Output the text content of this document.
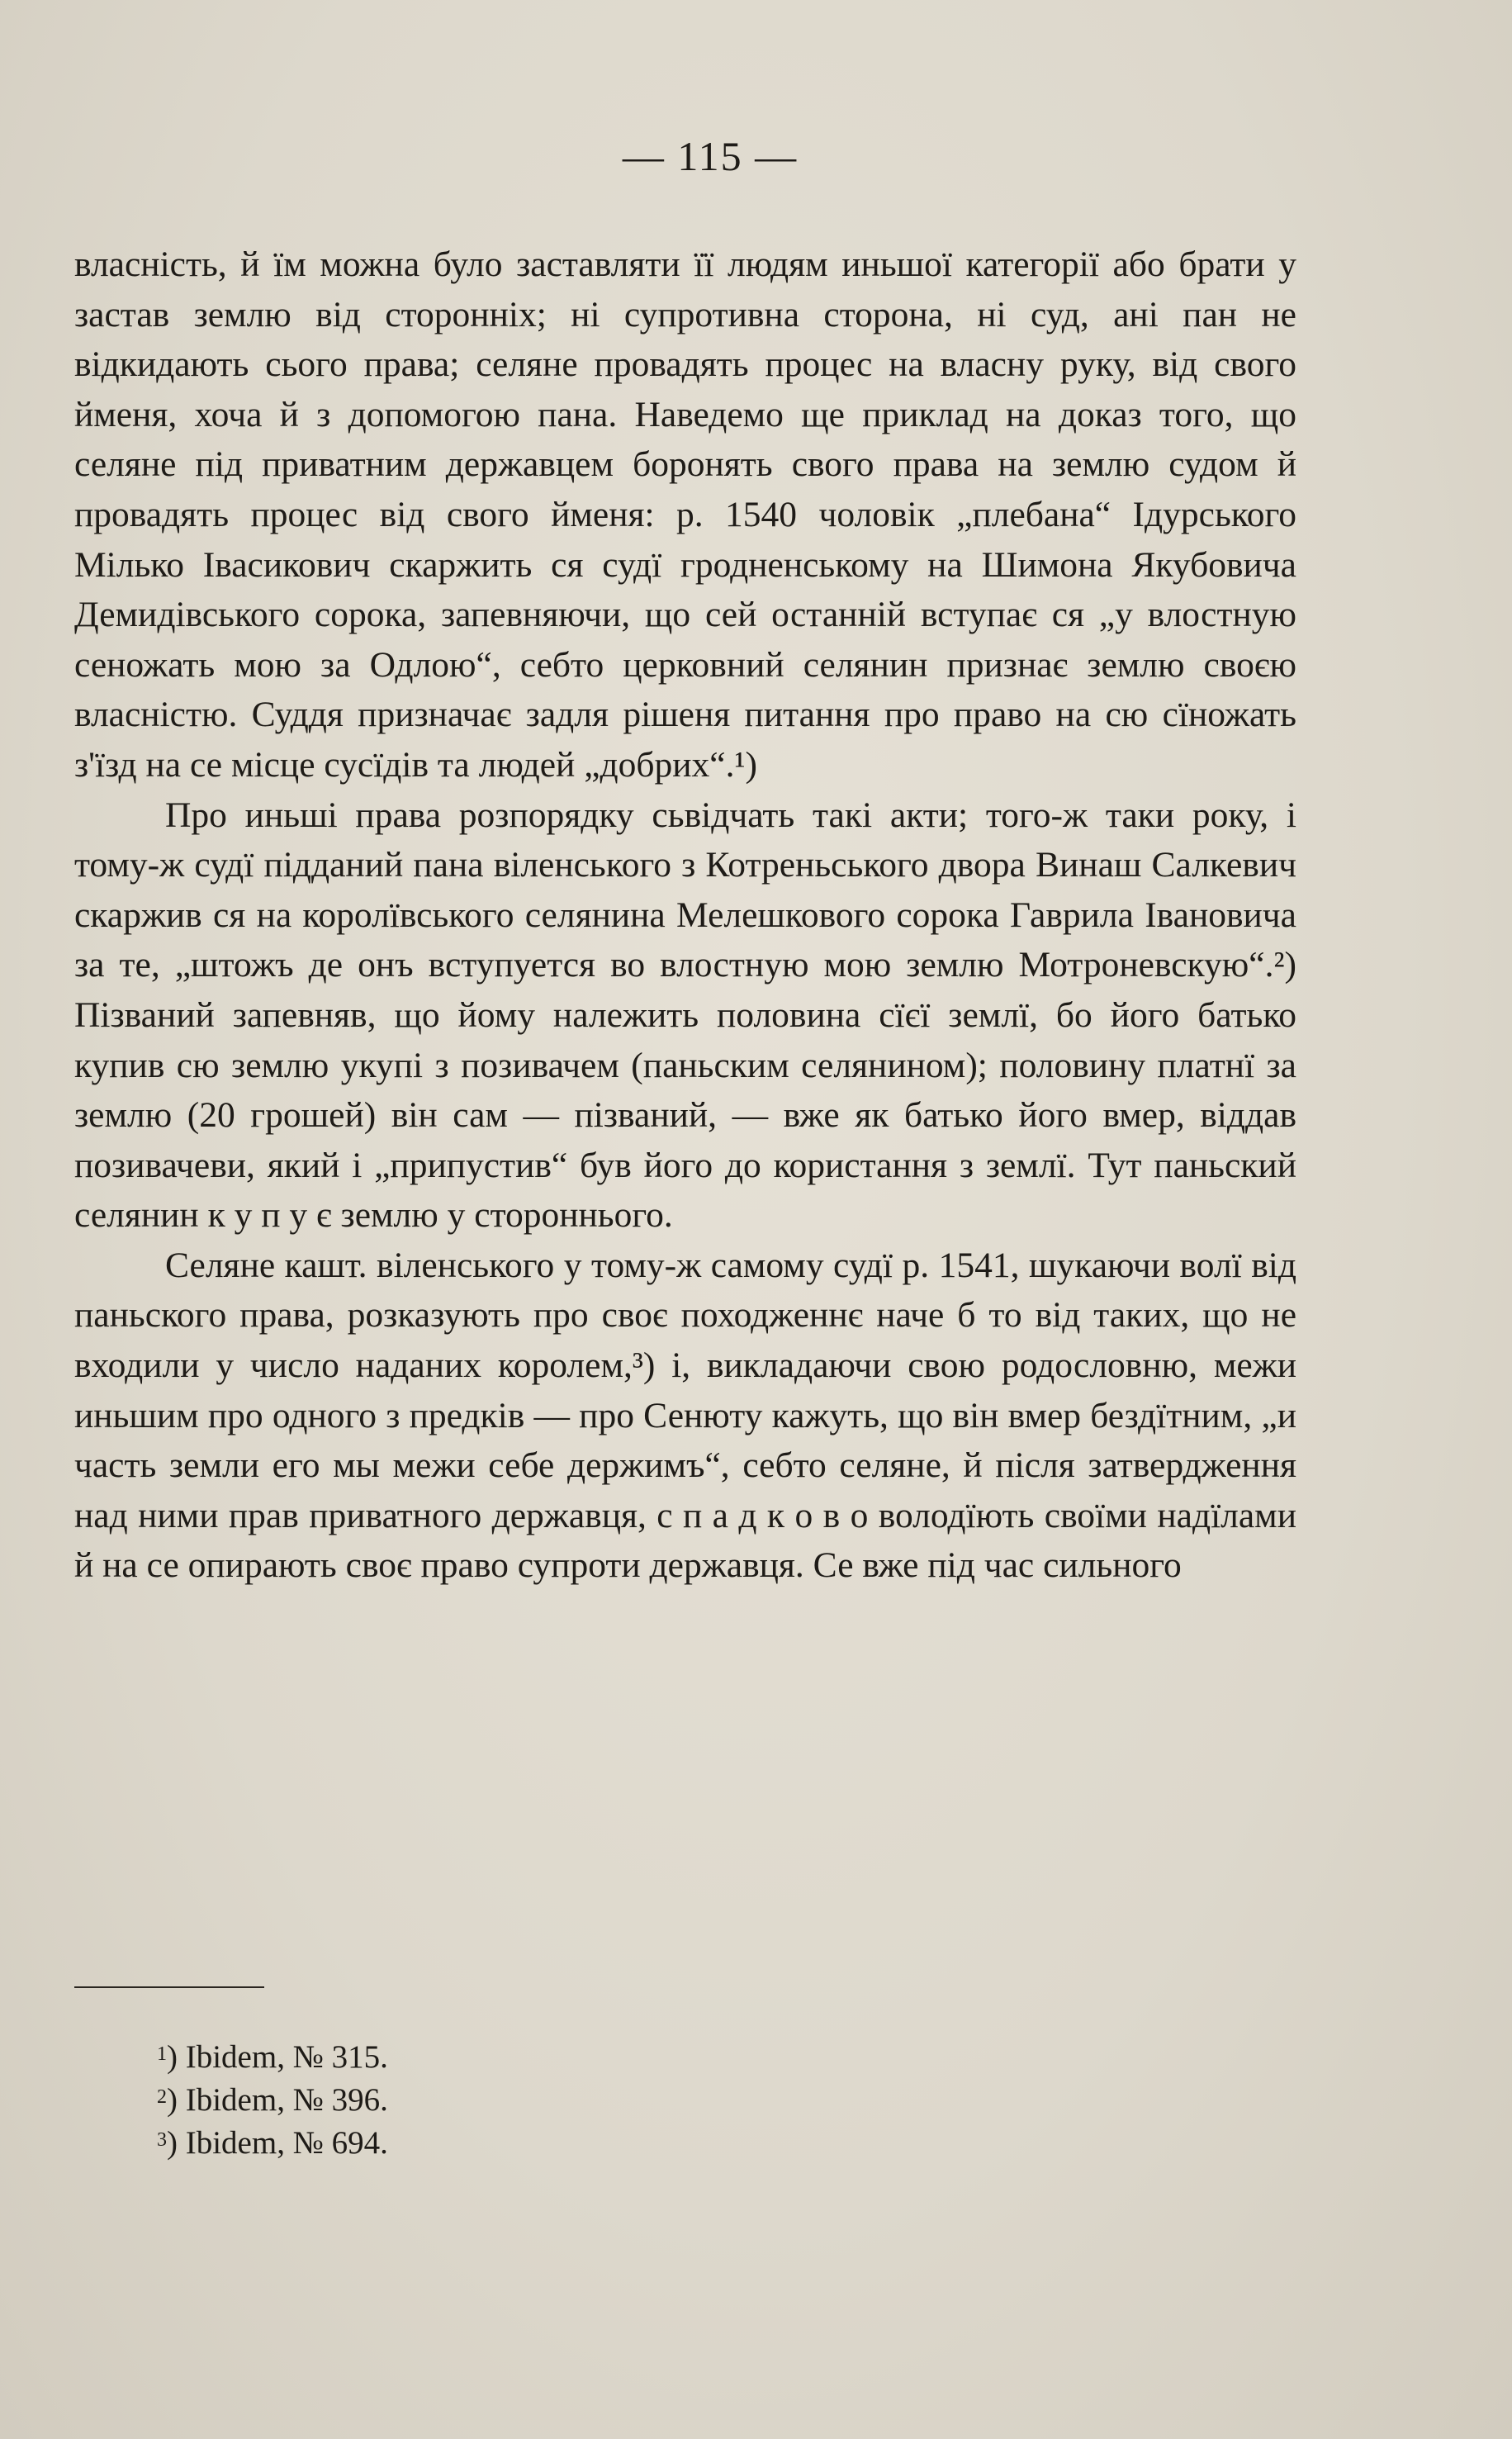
— 115 —

власність, й їм можна було заставляти її людям иньшої категорії або брати у застав землю від сторонніх; ні супротивна сторона, ні суд, ані пан не відкидають сього права; селяне провадять процес на власну руку, від свого йменя, хоча й з допомогою пана. Наведемо ще приклад на доказ того, що селяне під приватним державцем боронять свого права на землю судом й провадять процес від свого йменя: р. 1540 чоловік „плебана“ Ідурського Мілько Івасикович скаржить ся судї гродненському на Шимона Якубовича Демидівського сорока, запевняючи, що сей останній вступає ся „у влостную сеножать мою за Одлою“, себто церковний селянин признає землю своєю власністю. Суддя призначає задля рішеня питання про право на сю сїножать з'їзд на се місце сусїдів та людей „добрих“.¹)

Про иньші права розпорядку сьвідчать такі акти; того-ж таки року, і тому-ж судї підданий пана віленського з Котреньського двора Винаш Салкевич скаржив ся на королївського селянина Мелешкового сорока Гаврила Івановича за те, „штожъ де онъ вступуется во влостную мою землю Мотроневскую“.²) Пізваний запевняв, що йому належить половина сїєї землї, бо його батько купив сю землю укупі з позивачем (паньским селянином); половину платнї за землю (20 грошей) він сам — пізваний, — вже як батько його вмер, віддав позивачеви, який і „припустив“ був його до користання з землї. Тут паньский селянин к у п у є землю у стороннього.

Селяне кашт. віленського у тому-ж самому судї р. 1541, шукаючи волї від паньского права, розказують про своє походженнє наче б то від таких, що не входили у число наданих королем,³) і, викладаючи свою родословню, межи иньшим про одного з предків — про Сенюту кажуть, що він вмер бездїтним, „и часть земли его мы межи себе держимъ“, себто селяне, й після затвердження над ними прав приватного державця, с п а д к о в о володїють своїми надїлами й на се опирають своє право супроти державця. Се вже під час сильного

$^1$) Ibidem, № 315.
$^2$) Ibidem, № 396.
$^3$) Ibidem, № 694.
